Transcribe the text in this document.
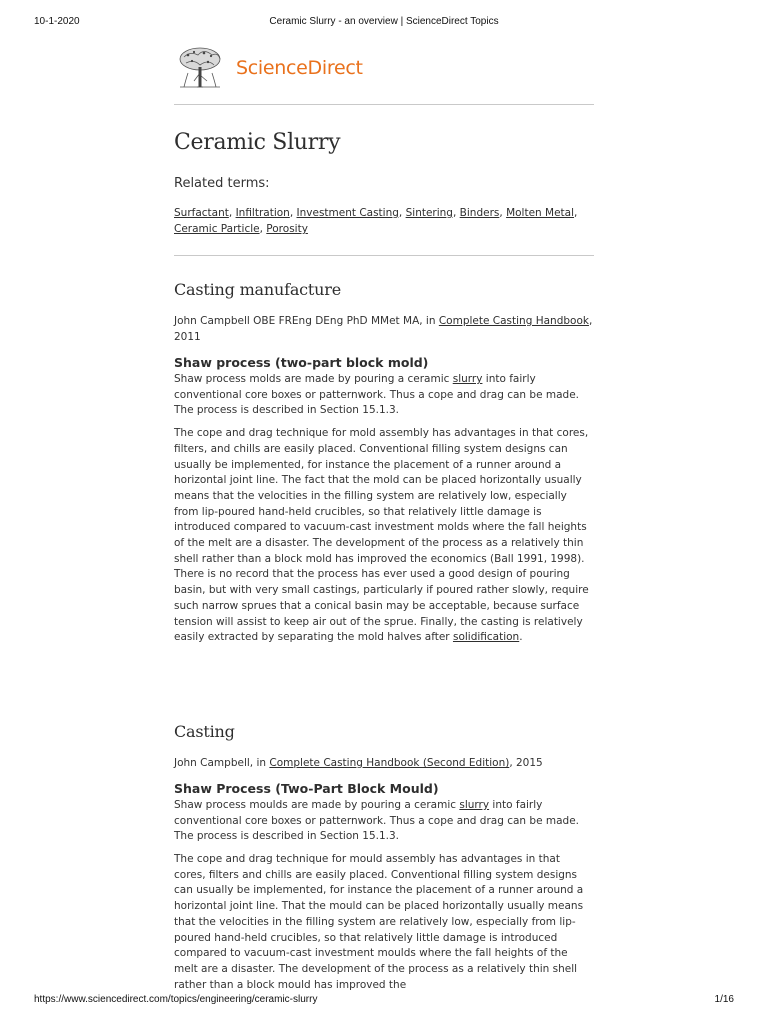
10-1-2020	Ceramic Slurry - an overview | ScienceDirect Topics
ScienceDirect
Ceramic Slurry

Related terms:

Surfactant, Infiltration, Investment Casting, Sintering, Binders, Molten Metal, Ceramic Particle, Porosity

Casting manufacture

John Campbell OBE FREng DEng PhD MMet MA, in Complete Casting Handbook, 2011

Shaw process (two-part block mold)

Shaw process molds are made by pouring a ceramic slurry into fairly conventional core boxes or patternwork. Thus a cope and drag can be made. The process is described in Section 15.1.3.

The cope and drag technique for mold assembly has advantages in that cores, filters, and chills are easily placed. Conventional filling system designs can usually be implemented, for instance the placement of a runner around a horizontal joint line. The fact that the mold can be placed horizontally usually means that the velocities in the filling system are relatively low, especially from lip-poured hand-held crucibles, so that relatively little damage is introduced compared to vacuum-cast investment molds where the fall heights of the melt are a disaster. The development of the process as a relatively thin shell rather than a block mold has improved the economics (Ball 1991, 1998). There is no record that the process has ever used a good design of pouring basin, but with very small castings, particularly if poured rather slowly, require such narrow sprues that a conical basin may be acceptable, because surface tension will assist to keep air out of the sprue. Finally, the casting is relatively easily extracted by separating the mold halves after solidification.

Casting

John Campbell, in Complete Casting Handbook (Second Edition), 2015

Shaw Process (Two-Part Block Mould)

Shaw process moulds are made by pouring a ceramic slurry into fairly conventional core boxes or patternwork. Thus a cope and drag can be made. The process is described in Section 15.1.3.

The cope and drag technique for mould assembly has advantages in that cores, filters and chills are easily placed. Conventional filling system designs can usually be implemented, for instance the placement of a runner around a horizontal joint line. That the mould can be placed horizontally usually means that the velocities in the filling system are relatively low, especially from lip-poured hand-held crucibles, so that relatively little damage is introduced compared to vacuum-cast investment moulds where the fall heights of the melt are a disaster. The development of the process as a relatively thin shell rather than a block mould has improved the

https://www.sciencedirect.com/topics/engineering/ceramic-slurry	1/16
